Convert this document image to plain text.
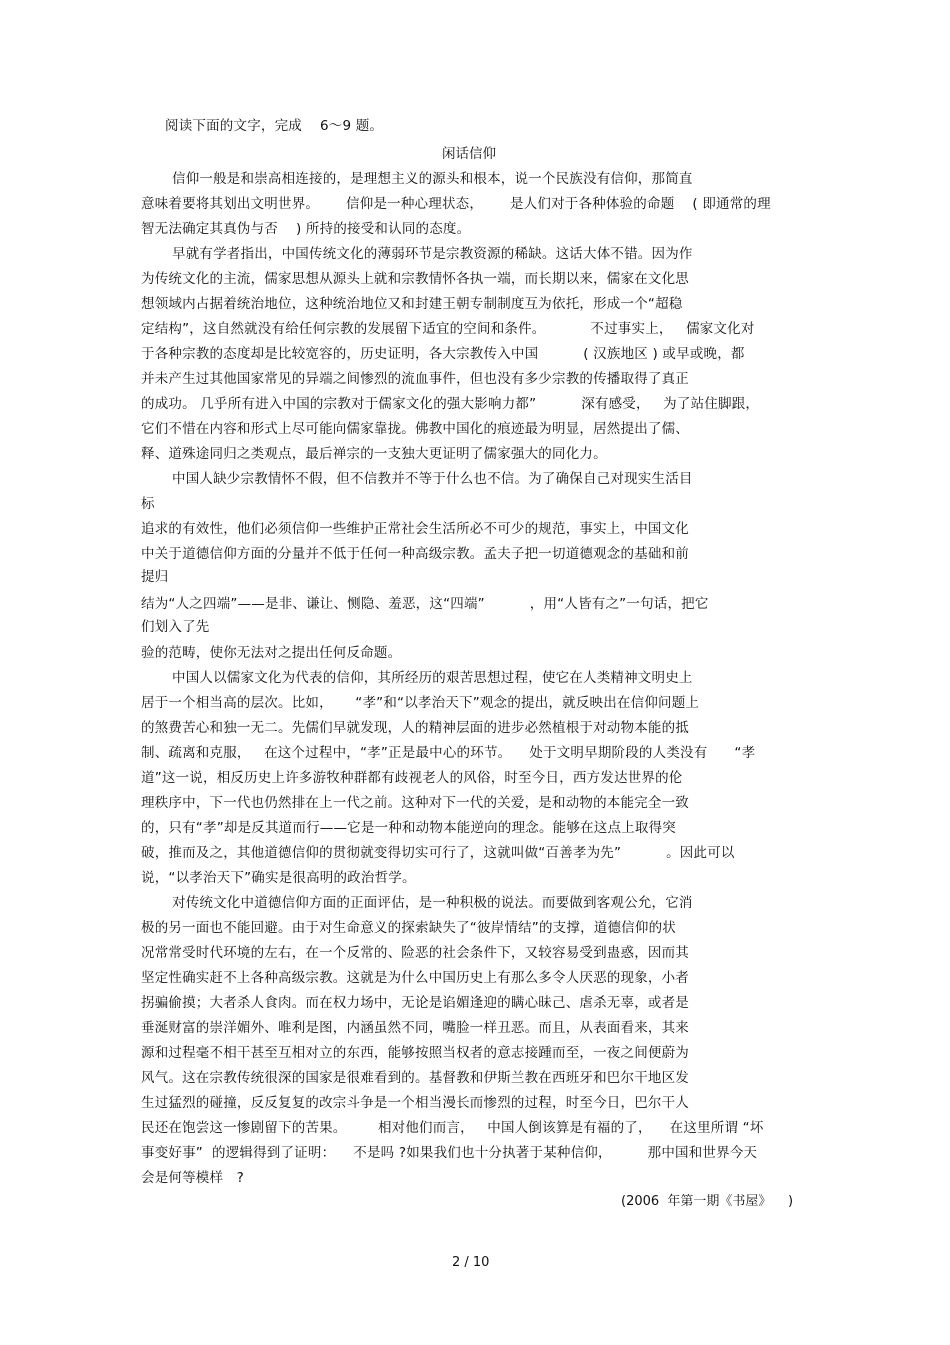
阅读下面的文字，完成    6～9 题。
闲话信仰
信仰一般是和崇高相连接的，是理想主义的源头和根本，说一个民族没有信仰，那简直
意味着要将其划出文明世界。      信仰是一种心理状态，      是人们对于各种体验的命题    ( 即通常的理
智无法确定其真伪与否    ) 所持的接受和认同的态度。
早就有学者指出，中国传统文化的薄弱环节是宗教资源的稀缺。这话大体不错。因为作
为传统文化的主流，儒家思想从源头上就和宗教情怀各执一端，而长期以来，儒家在文化思
想领域内占据着统治地位，这种统治地位又和封建王朝专制制度互为依托，形成一个“超稳
定结构”，这自然就没有给任何宗教的发展留下适宜的空间和条件。          不过事实上，   儒家文化对
于各种宗教的态度却是比较宽容的，历史证明，各大宗教传入中国          ( 汉族地区 ) 或早或晚，都
并未产生过其他国家常见的异端之间惨烈的流血事件，但也没有多少宗教的传播取得了真正
的成功。 几乎所有进入中国的宗教对于儒家文化的强大影响力都”          深有感受，   为了站住脚跟，
它们不惜在内容和形式上尽可能向儒家靠拢。佛教中国化的痕迹最为明显，居然提出了儒、
释、道殊途同归之类观点，最后禅宗的一支独大更证明了儒家强大的同化力。
中国人缺少宗教情怀不假，但不信教并不等于什么也不信。为了确保自己对现实生活目
标
追求的有效性，他们必须信仰一些维护正常社会生活所必不可少的规范，事实上，中国文化
中关于道德信仰方面的分量并不低于任何一种高级宗教。孟夫子把一切道德观念的基础和前
提归
结为“人之四端”——是非、谦让、恻隐、羞恶，这“四端”          ，用“人皆有之”一句话，把它
们划入了先
验的范畴，使你无法对之提出任何反命题。
中国人以儒家文化为代表的信仰，其所经历的艰苦思想过程，使它在人类精神文明史上
居于一个相当高的层次。比如，     “孝”和“以孝治天下”观念的提出，就反映出在信仰问题上
的煞费苦心和独一无二。先儒们早就发现，人的精神层面的进步必然植根于对动物本能的抵
制、疏离和克服，   在这个过程中，“孝”正是最中心的环节。    处于文明早期阶段的人类没有      “孝
道”这一说，相反历史上许多游牧种群都有歧视老人的风俗，时至今日，西方发达世界的伦
理秩序中，下一代也仍然排在上一代之前。这种对下一代的关爱，是和动物的本能完全一致
的，只有“孝”却是反其道而行——它是一种和动物本能逆向的理念。能够在这点上取得突
破，推而及之，其他道德信仰的贯彻就变得切实可行了，这就叫做“百善孝为先”          。因此可以
说，“以孝治天下”确实是很高明的政治哲学。
对传统文化中道德信仰方面的正面评估，是一种积极的说法。而要做到客观公允，它消
极的另一面也不能回避。由于对生命意义的探索缺失了“彼岸情结”的支撑，道德信仰的状
况常常受时代环境的左右，在一个反常的、险恶的社会条件下，又较容易受到蛊惑，因而其
坚定性确实赶不上各种高级宗教。这就是为什么中国历史上有那么多令人厌恶的现象，小者
拐骗偷摸；大者杀人食肉。而在权力场中，无论是谄媚逢迎的瞒心昧己、虐杀无辜，或者是
垂涎财富的崇洋媚外、唯利是图，内涵虽然不同，嘴脸一样丑恶。而且，从表面看来，其来
源和过程毫不相干甚至互相对立的东西，能够按照当权者的意志接踵而至，一夜之间便蔚为
风气。这在宗教传统很深的国家是很难看到的。基督教和伊斯兰教在西班牙和巴尔干地区发
生过猛烈的碰撞，反反复复的改宗斗争是一个相当漫长而惨烈的过程，时至今日，巴尔干人
民还在饱尝这一惨剧留下的苦果。       相对他们而言，   中国人倒该算是有福的了，    在这里所谓 “坏
事变好事”  的逻辑得到了证明：    不是吗 ?如果我们也十分执著于某种信仰，        那中国和世界今天
会是何等模样   ?
(2006  年第一期《书屋》    )
2 / 10
